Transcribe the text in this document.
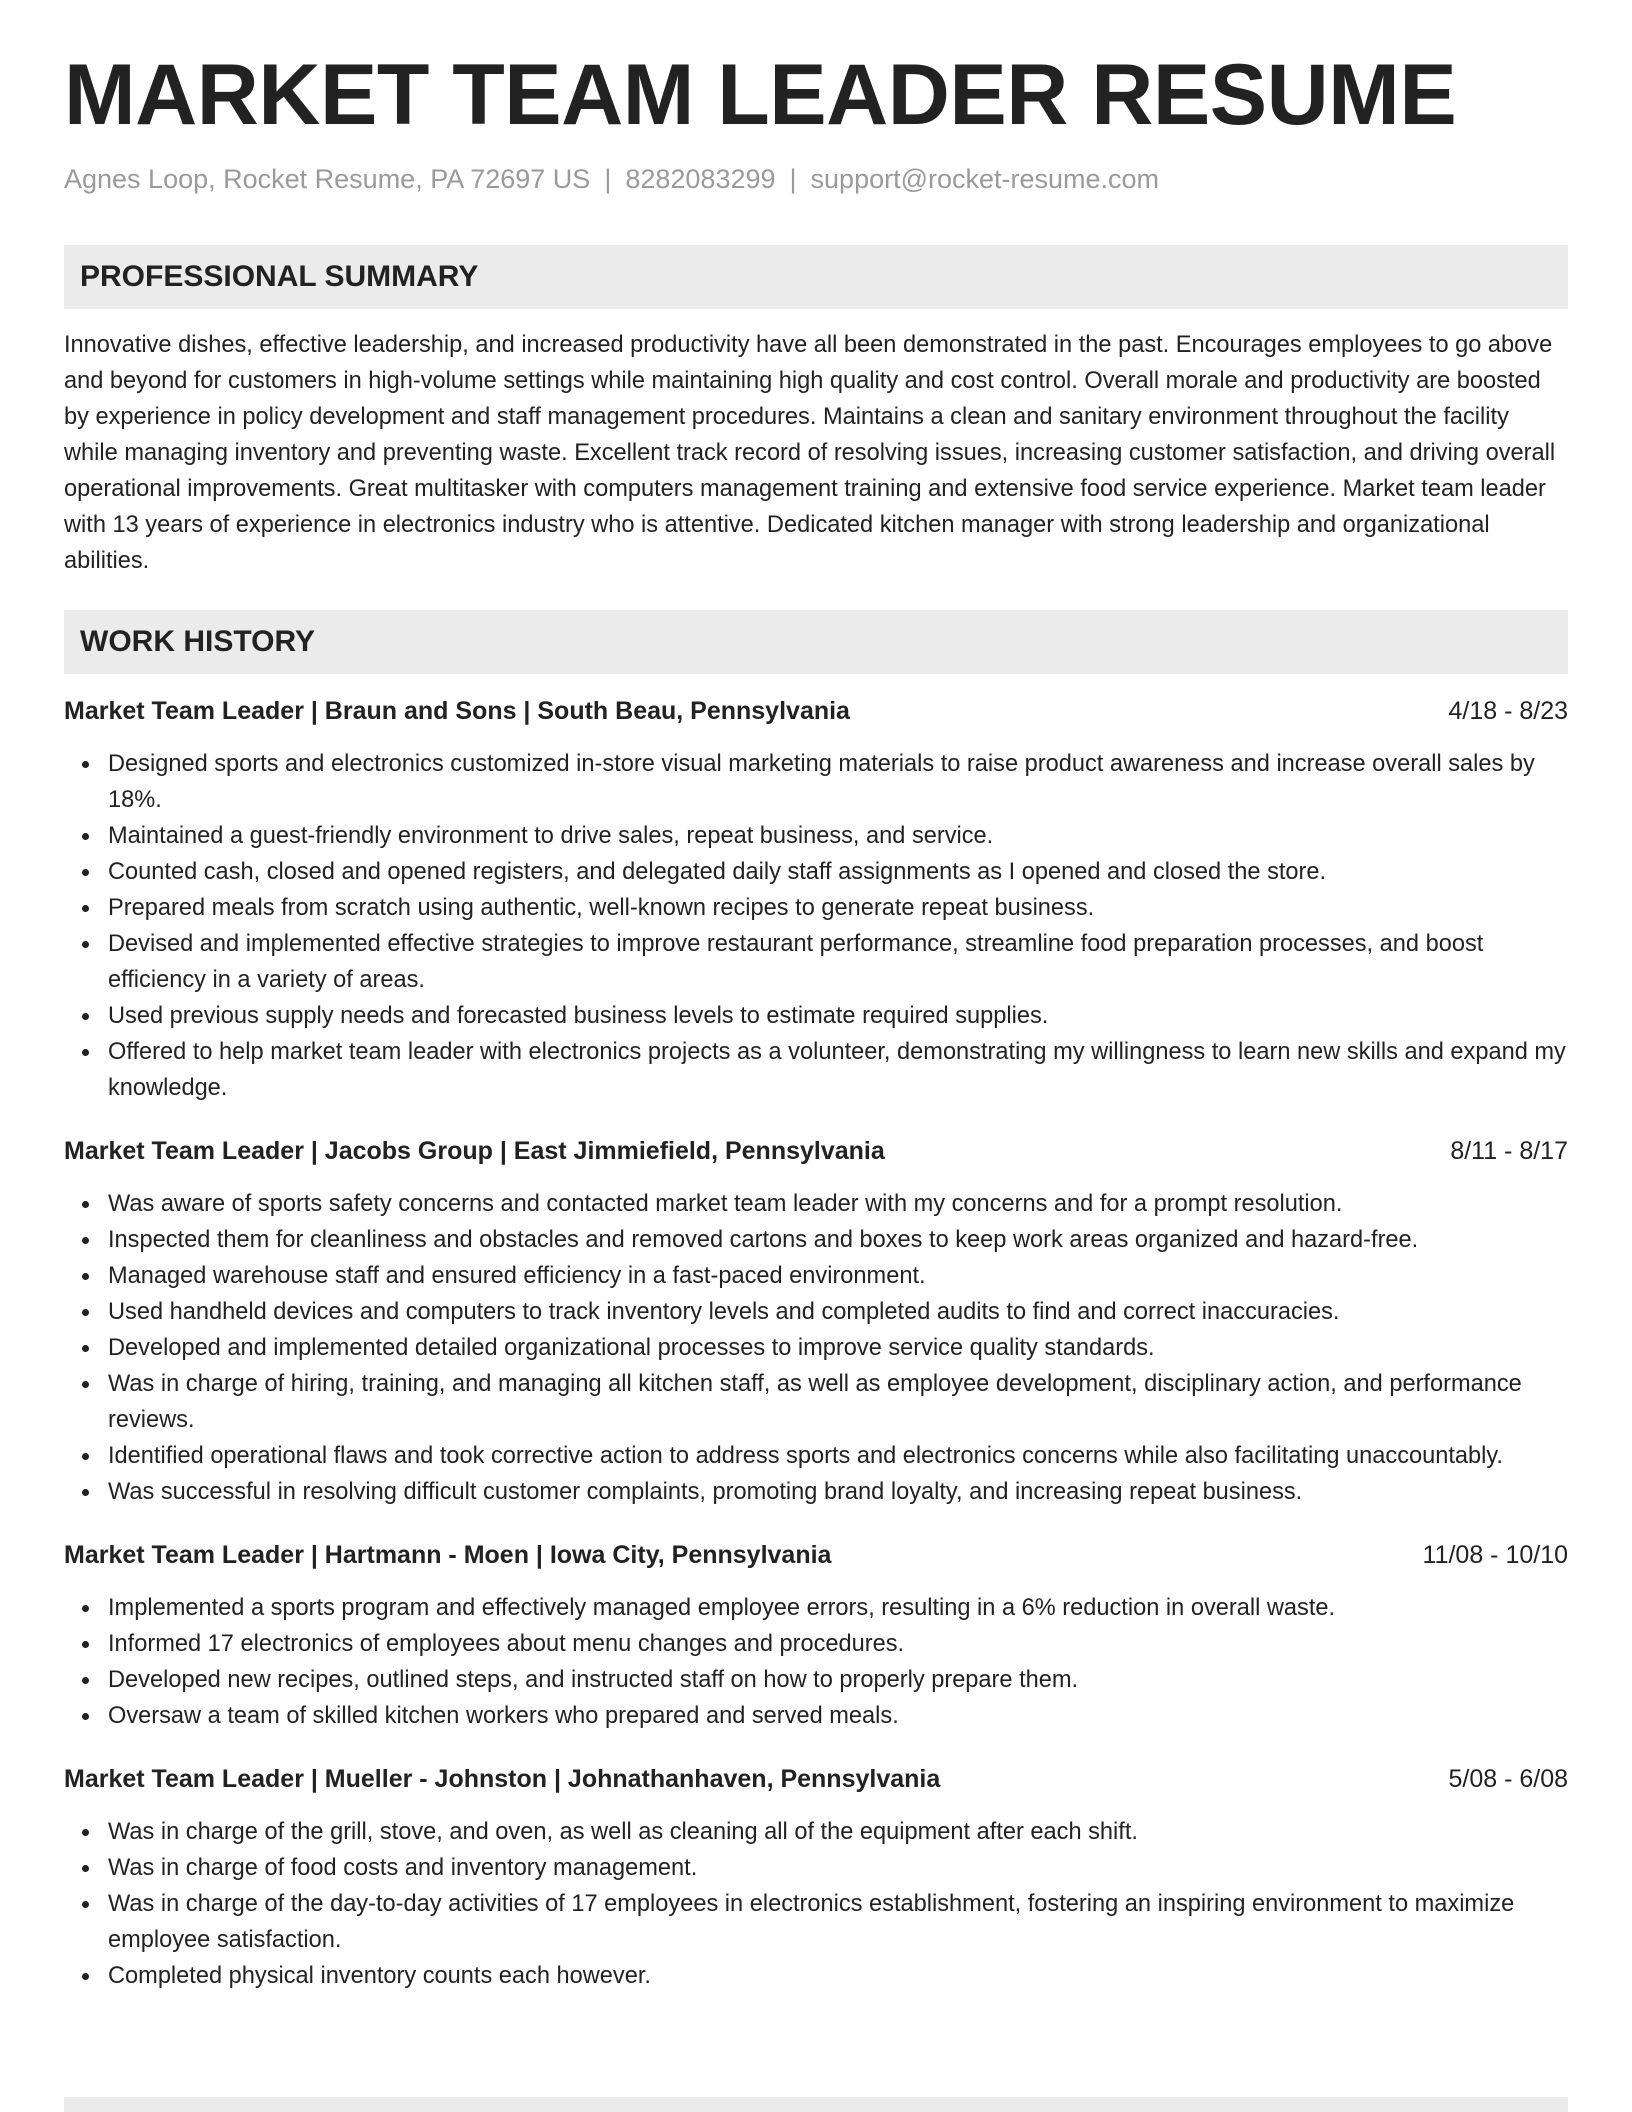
MARKET TEAM LEADER RESUME
Agnes Loop, Rocket Resume, PA 72697 US | 8282083299 | support@rocket-resume.com
PROFESSIONAL SUMMARY

Innovative dishes, effective leadership, and increased productivity have all been demonstrated in the past. Encourages employees to go above and beyond for customers in high-volume settings while maintaining high quality and cost control. Overall morale and productivity are boosted by experience in policy development and staff management procedures. Maintains a clean and sanitary environment throughout the facility while managing inventory and preventing waste. Excellent track record of resolving issues, increasing customer satisfaction, and driving overall operational improvements. Great multitasker with computers management training and extensive food service experience. Market team leader with 13 years of experience in electronics industry who is attentive. Dedicated kitchen manager with strong leadership and organizational abilities.

WORK HISTORY
Market Team Leader | Braun and Sons | South Beau, Pennsylvania	4/18 - 8/23
Designed sports and electronics customized in-store visual marketing materials to raise product awareness and increase overall sales by 18%.
Maintained a guest-friendly environment to drive sales, repeat business, and service.
Counted cash, closed and opened registers, and delegated daily staff assignments as I opened and closed the store.
Prepared meals from scratch using authentic, well-known recipes to generate repeat business.
Devised and implemented effective strategies to improve restaurant performance, streamline food preparation processes, and boost efficiency in a variety of areas.
Used previous supply needs and forecasted business levels to estimate required supplies.
Offered to help market team leader with electronics projects as a volunteer, demonstrating my willingness to learn new skills and expand my knowledge.
Market Team Leader | Jacobs Group | East Jimmiefield, Pennsylvania	8/11 - 8/17
Was aware of sports safety concerns and contacted market team leader with my concerns and for a prompt resolution.
Inspected them for cleanliness and obstacles and removed cartons and boxes to keep work areas organized and hazard-free.
Managed warehouse staff and ensured efficiency in a fast-paced environment.
Used handheld devices and computers to track inventory levels and completed audits to find and correct inaccuracies.
Developed and implemented detailed organizational processes to improve service quality standards.
Was in charge of hiring, training, and managing all kitchen staff, as well as employee development, disciplinary action, and performance reviews.
Identified operational flaws and took corrective action to address sports and electronics concerns while also facilitating unaccountably.
Was successful in resolving difficult customer complaints, promoting brand loyalty, and increasing repeat business.
Market Team Leader | Hartmann - Moen | Iowa City, Pennsylvania	11/08 - 10/10
Implemented a sports program and effectively managed employee errors, resulting in a 6% reduction in overall waste.
Informed 17 electronics of employees about menu changes and procedures.
Developed new recipes, outlined steps, and instructed staff on how to properly prepare them.
Oversaw a team of skilled kitchen workers who prepared and served meals.
Market Team Leader | Mueller - Johnston | Johnathanhaven, Pennsylvania	5/08 - 6/08
Was in charge of the grill, stove, and oven, as well as cleaning all of the equipment after each shift.
Was in charge of food costs and inventory management.
Was in charge of the day-to-day activities of 17 employees in electronics establishment, fostering an inspiring environment to maximize employee satisfaction.
Completed physical inventory counts each however.
